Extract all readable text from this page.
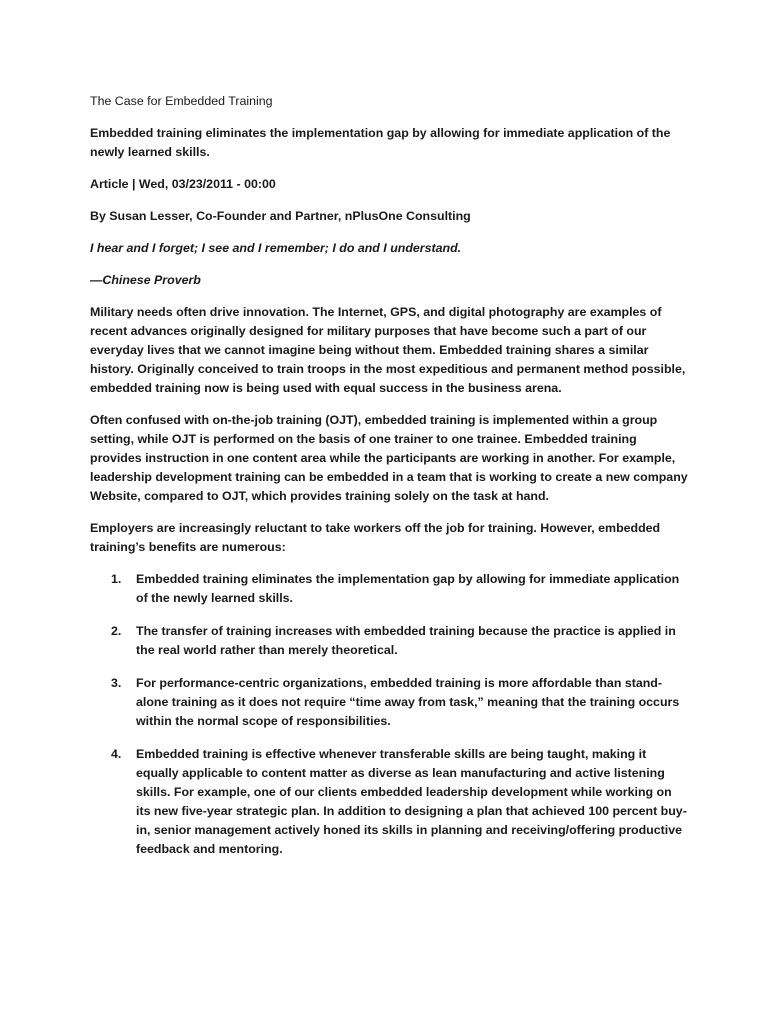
The Case for Embedded Training

Embedded training eliminates the implementation gap by allowing for immediate application of the newly learned skills.

Article | Wed, 03/23/2011 - 00:00

By Susan Lesser, Co-Founder and Partner, nPlusOne Consulting

I hear and I forget; I see and I remember; I do and I understand.

—Chinese Proverb

Military needs often drive innovation. The Internet, GPS, and digital photography are examples of recent advances originally designed for military purposes that have become such a part of our everyday lives that we cannot imagine being without them. Embedded training shares a similar history. Originally conceived to train troops in the most expeditious and permanent method possible, embedded training now is being used with equal success in the business arena.

Often confused with on-the-job training (OJT), embedded training is implemented within a group setting, while OJT is performed on the basis of one trainer to one trainee. Embedded training provides instruction in one content area while the participants are working in another. For example, leadership development training can be embedded in a team that is working to create a new company Website, compared to OJT, which provides training solely on the task at hand.

Employers are increasingly reluctant to take workers off the job for training. However, embedded training’s benefits are numerous:

1. Embedded training eliminates the implementation gap by allowing for immediate application of the newly learned skills.
2. The transfer of training increases with embedded training because the practice is applied in the real world rather than merely theoretical.
3. For performance-centric organizations, embedded training is more affordable than stand-alone training as it does not require “time away from task,” meaning that the training occurs within the normal scope of responsibilities.
4. Embedded training is effective whenever transferable skills are being taught, making it equally applicable to content matter as diverse as lean manufacturing and active listening skills. For example, one of our clients embedded leadership development while working on its new five-year strategic plan. In addition to designing a plan that achieved 100 percent buy-in, senior management actively honed its skills in planning and receiving/offering productive feedback and mentoring.
